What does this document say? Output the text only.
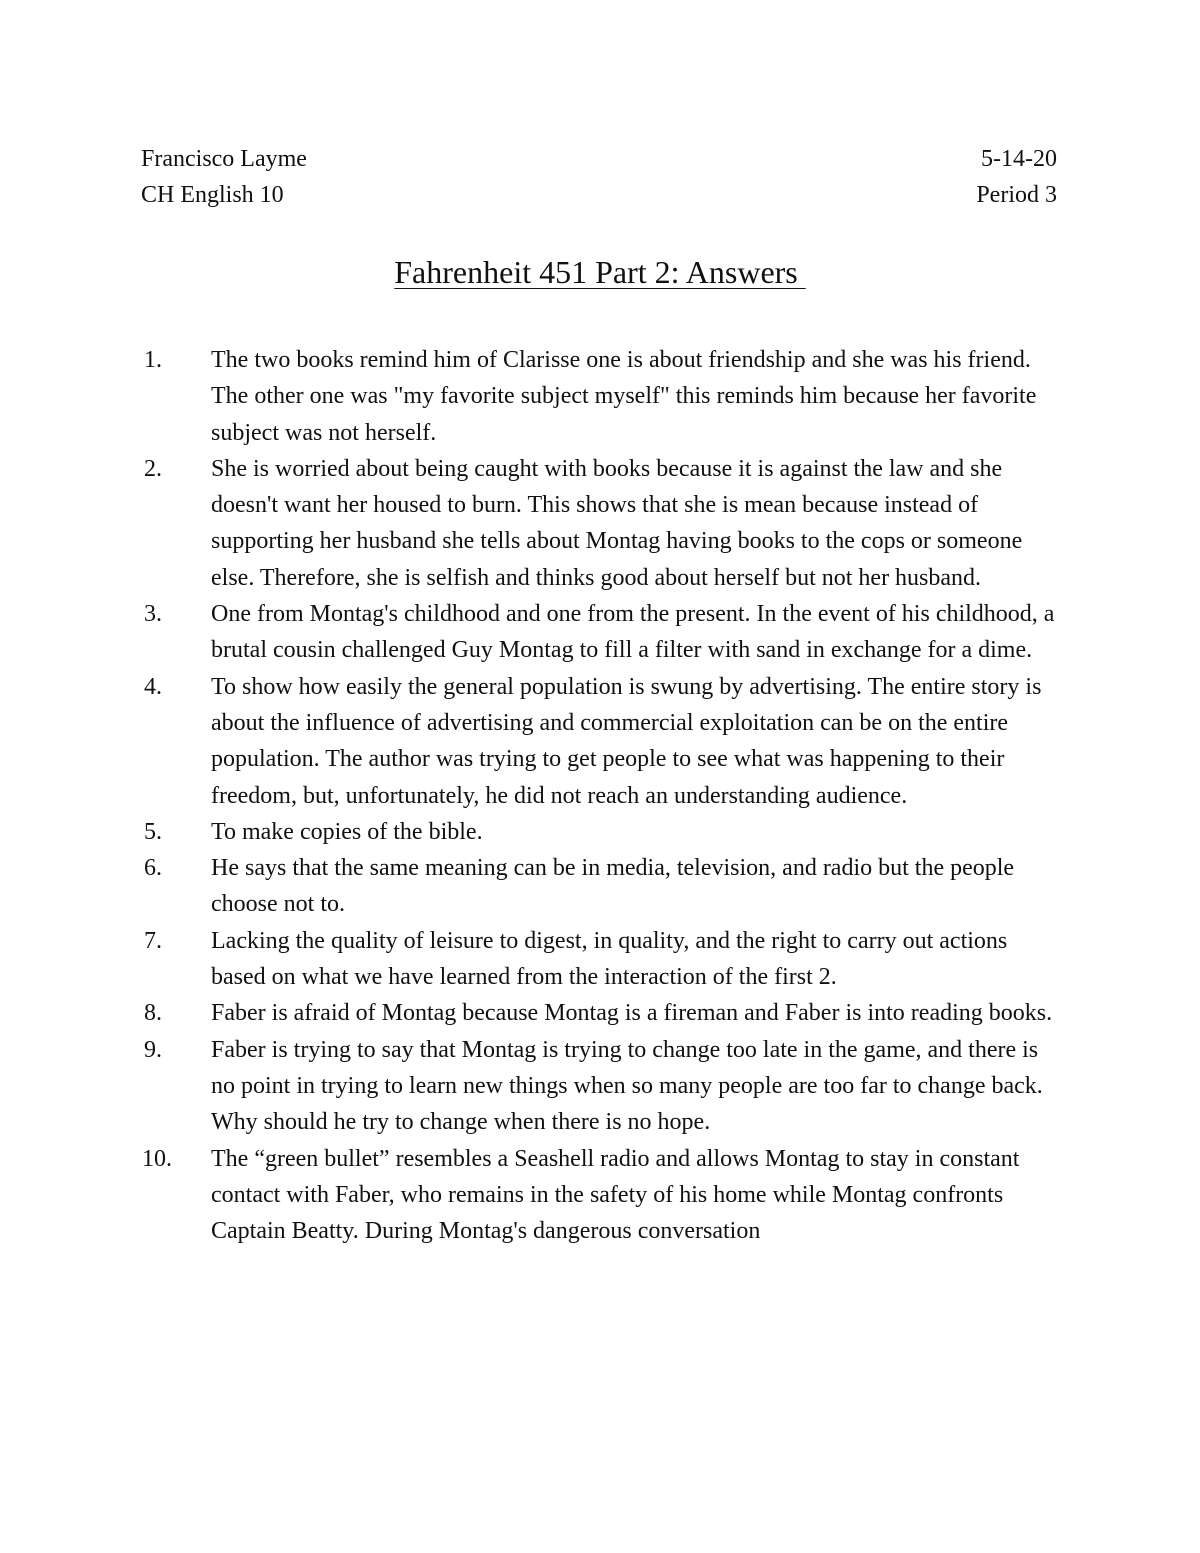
Francisco Layme	5-14-20
CH English 10	Period 3
Fahrenheit 451 Part 2: Answers
1.	The two books remind him of Clarisse one is about friendship and she was his friend. The other one was "my favorite subject myself" this reminds him because her favorite subject was not herself.
2.	She is worried about being caught with books because it is against the law and she doesn't want her housed to burn. This shows that she is mean because instead of supporting her husband she tells about Montag having books to the cops or someone else. Therefore, she is selfish and thinks good about herself but not her husband.
3.	One from Montag's childhood and one from the present. In the event of his childhood, a brutal cousin challenged Guy Montag to fill a filter with sand in exchange for a dime.
4.	To show how easily the general population is swung by advertising. The entire story is about the influence of advertising and commercial exploitation can be on the entire population. The author was trying to get people to see what was happening to their freedom, but, unfortunately, he did not reach an understanding audience.
5.	To make copies of the bible.
6.	He says that the same meaning can be in media, television, and radio but the people choose not to.
7.	Lacking the quality of leisure to digest, in quality, and the right to carry out actions based on what we have learned from the interaction of the first 2.
8.	Faber is afraid of Montag because Montag is a fireman and Faber is into reading books.
9.	Faber is trying to say that Montag is trying to change too late in the game, and there is no point in trying to learn new things when so many people are too far to change back. Why should he try to change when there is no hope.
10.	The “green bullet” resembles a Seashell radio and allows Montag to stay in constant contact with Faber, who remains in the safety of his home while Montag confronts Captain Beatty. During Montag's dangerous conversation
